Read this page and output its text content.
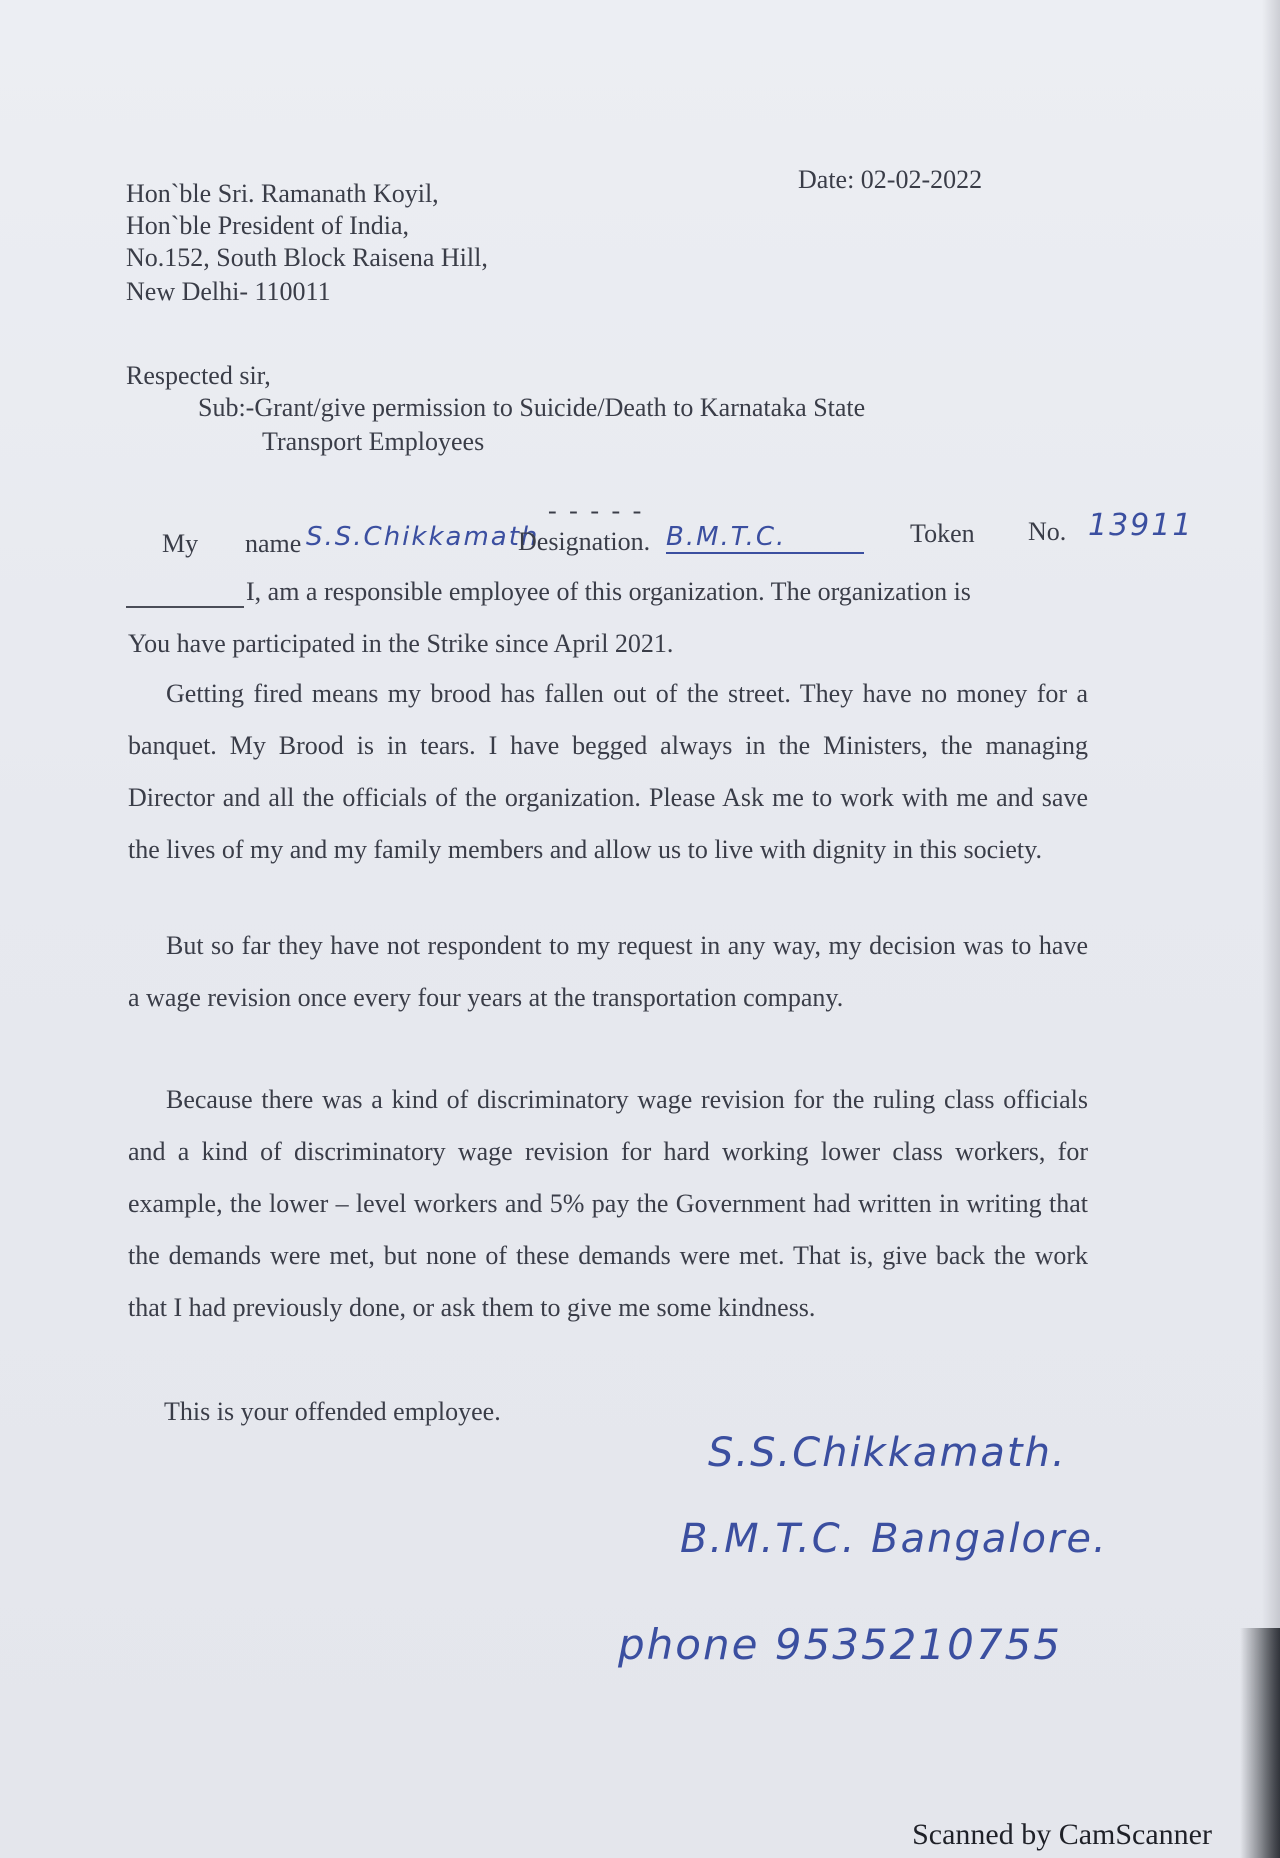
Date: 02-02-2022
Hon`ble Sri. Ramanath Koyil,
Hon`ble President of India,
No.152, South Block Raisena Hill,
New Delhi- 110011
Respected sir,
Sub:-Grant/give permission to Suicide/Death to Karnataka State
Transport Employees
- - - - -
My name S.S.Chikkamath
Designation. B.M.T.C.	Token No. 13911
I, am a responsible employee of this organization. The organization is
You have participated in the Strike since April 2021.

Getting fired means my brood has fallen out of the street. They have no money for a banquet. My Brood is in tears. I have begged always in the Ministers, the managing Director and all the officials of the organization. Please Ask me to work with me and save the lives of my and my family members and allow us to live with dignity in this society.

But so far they have not respondent to my request in any way, my decision was to have a wage revision once every four years at the transportation company.

Because there was a kind of discriminatory wage revision for the ruling class officials and a kind of discriminatory wage revision for hard working lower class workers, for example, the lower – level workers and 5% pay the Government had written in writing that the demands were met, but none of these demands were met. That is, give back the work that I had previously done, or ask them to give me some kindness.

This is your offended employee.
S.S.Chikkamath.
B.M.T.C. Bangalore.
phone 9535210755
Scanned by CamScanner
